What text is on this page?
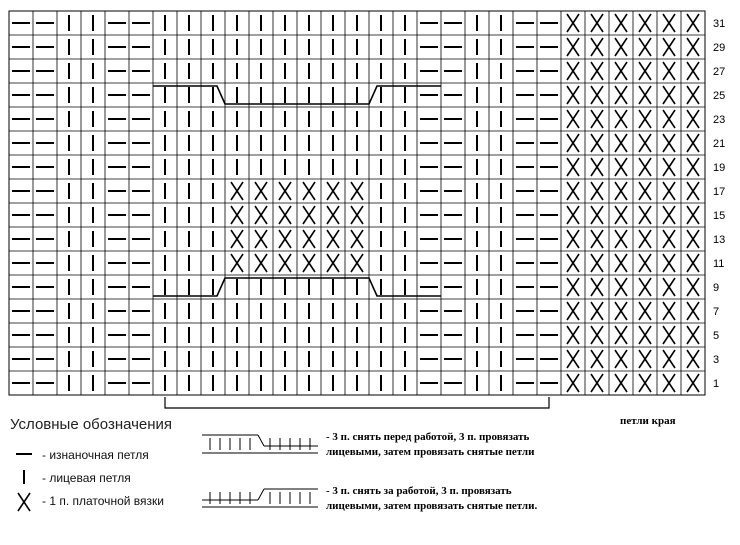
1
3
5
7
9
11
13
15
17
19
21
23
25
27
29
31
Условные обозначения
- изнаночная петля
- лицевая петля
- 1 п. платочной вязки
- 3 п. снять перед работой, 3 п. провязать
лицевыми, затем провязать снятые петли
- 3 п. снять за работой, 3 п. провязать
лицевыми, затем провязать снятые петли.
петли края
